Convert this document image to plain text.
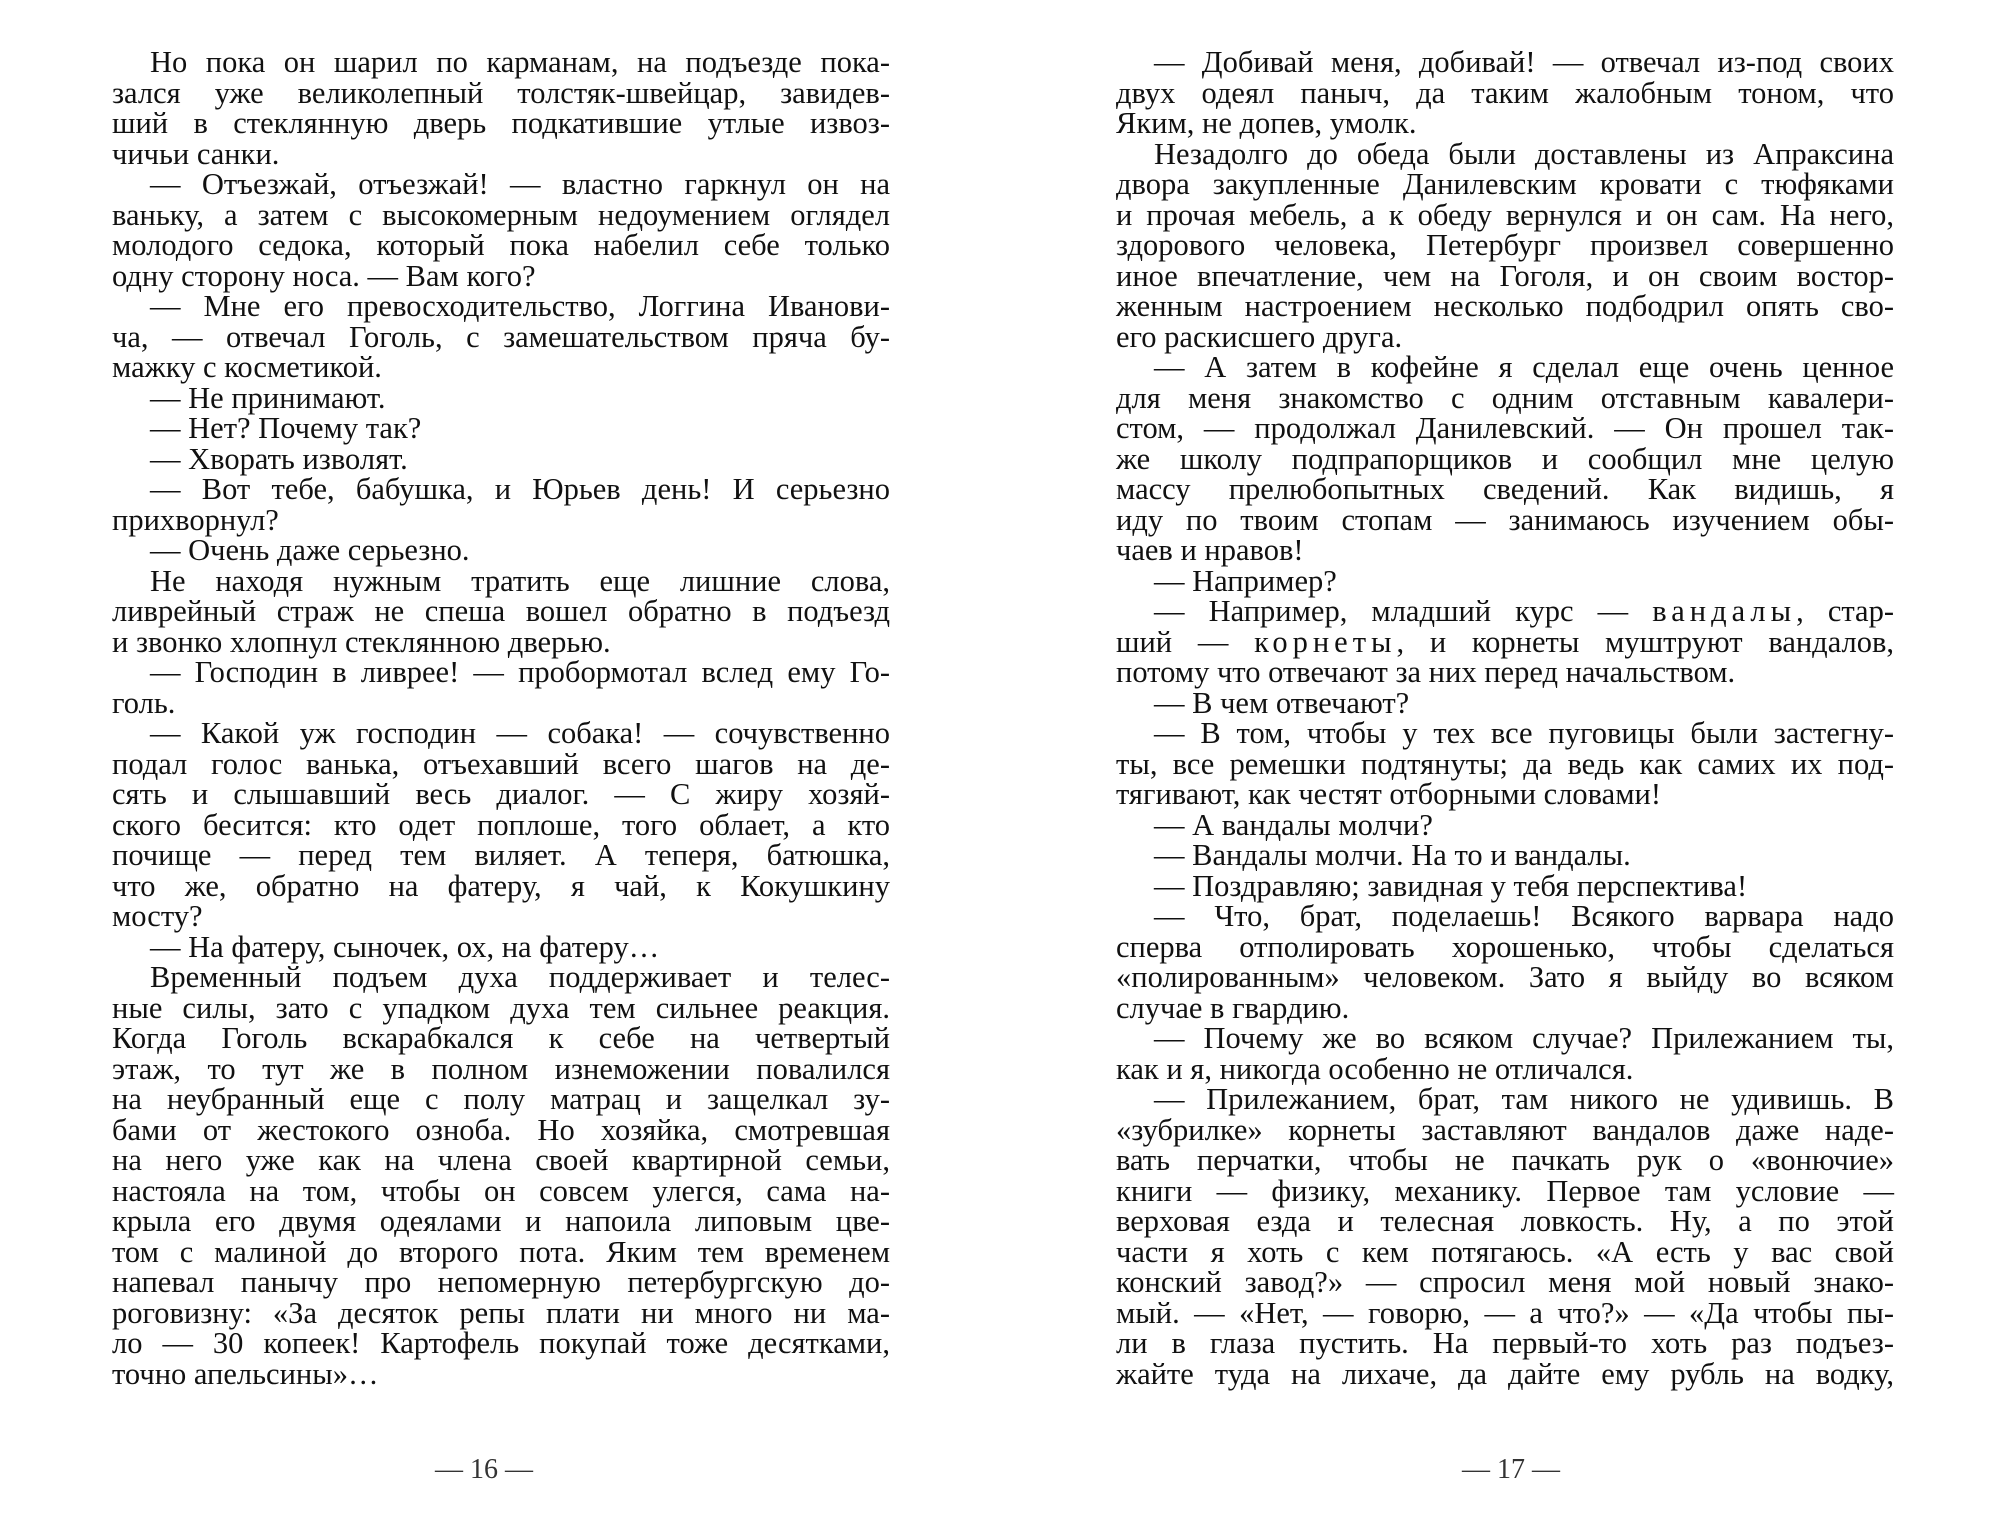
Но пока он шарил по карманам, на подъезде пока-
зался уже великолепный толстяк-швейцар, завидев-
ший в стеклянную дверь подкатившие утлые извоз-
чичьи санки.
— Отъезжай, отъезжай! — властно гаркнул он на
ваньку, а затем с высокомерным недоумением оглядел
молодого седока, который пока набелил себе только
одну сторону носа. — Вам кого?
— Мне его превосходительство, Логгина Иванови-
ча, — отвечал Гоголь, с замешательством пряча бу-
мажку с косметикой.
— Не принимают.
— Нет? Почему так?
— Хворать изволят.
— Вот тебе, бабушка, и Юрьев день! И серьезно
прихворнул?
— Очень даже серьезно.
Не находя нужным тратить еще лишние слова,
ливрейный страж не спеша вошел обратно в подъезд
и звонко хлопнул стеклянною дверью.
— Господин в ливрее! — пробормотал вслед ему Го-
голь.
— Какой уж господин — собака! — сочувственно
подал голос ванька, отъехавший всего шагов на де-
сять и слышавший весь диалог. — С жиру хозяй-
ского бесится: кто одет поплоше, того облает, а кто
почище — перед тем виляет. А теперя, батюшка,
что же, обратно на фатеру, я чай, к Кокушкину
мосту?
— На фатеру, сыночек, ох, на фатеру…
Временный подъем духа поддерживает и телес-
ные силы, зато с упадком духа тем сильнее реакция.
Когда Гоголь вскарабкался к себе на четвертый
этаж, то тут же в полном изнеможении повалился
на неубранный еще с полу матрац и защелкал зу-
бами от жестокого озноба. Но хозяйка, смотревшая
на него уже как на члена своей квартирной семьи,
настояла на том, чтобы он совсем улегся, сама на-
крыла его двумя одеялами и напоила липовым цве-
том с малиной до второго пота. Яким тем временем
напевал панычу про непомерную петербургскую до-
роговизну: «За десяток репы плати ни много ни ма-
ло — 30 копеек! Картофель покупай тоже десятками,
точно апельсины»…
— Добивай меня, добивай! — отвечал из-под своих
двух одеял паныч, да таким жалобным тоном, что
Яким, не допев, умолк.
Незадолго до обеда были доставлены из Апраксина
двора закупленные Данилевским кровати с тюфяками
и прочая мебель, а к обеду вернулся и он сам. На него,
здорового человека, Петербург произвел совершенно
иное впечатление, чем на Гоголя, и он своим востор-
женным настроением несколько подбодрил опять сво-
его раскисшего друга.
— А затем в кофейне я сделал еще очень ценное
для меня знакомство с одним отставным кавалери-
стом, — продолжал Данилевский. — Он прошел так-
же школу подпрапорщиков и сообщил мне целую
массу прелюбопытных сведений. Как видишь, я
иду по твоим стопам — занимаюсь изучением обы-
чаев и нравов!
— Например?
— Например, младший курс — вандалы, стар-
ший — корнеты, и корнеты муштруют вандалов,
потому что отвечают за них перед начальством.
— В чем отвечают?
— В том, чтобы у тех все пуговицы были застегну-
ты, все ремешки подтянуты; да ведь как самих их под-
тягивают, как честят отборными словами!
— А вандалы молчи?
— Вандалы молчи. На то и вандалы.
— Поздравляю; завидная у тебя перспектива!
— Что, брат, поделаешь! Всякого варвара надо
сперва отполировать хорошенько, чтобы сделаться
«полированным» человеком. Зато я выйду во всяком
случае в гвардию.
— Почему же во всяком случае? Прилежанием ты,
как и я, никогда особенно не отличался.
— Прилежанием, брат, там никого не удивишь. В
«зубрилке» корнеты заставляют вандалов даже наде-
вать перчатки, чтобы не пачкать рук о «вонючие»
книги — физику, механику. Первое там условие —
верховая езда и телесная ловкость. Ну, а по этой
части я хоть с кем потягаюсь. «А есть у вас свой
конский завод?» — спросил меня мой новый знако-
мый. — «Нет, — говорю, — а что?» — «Да чтобы пы-
ли в глаза пустить. На первый-то хоть раз подъез-
жайте туда на лихаче, да дайте ему рубль на водку,
— 16 —	— 17 —
